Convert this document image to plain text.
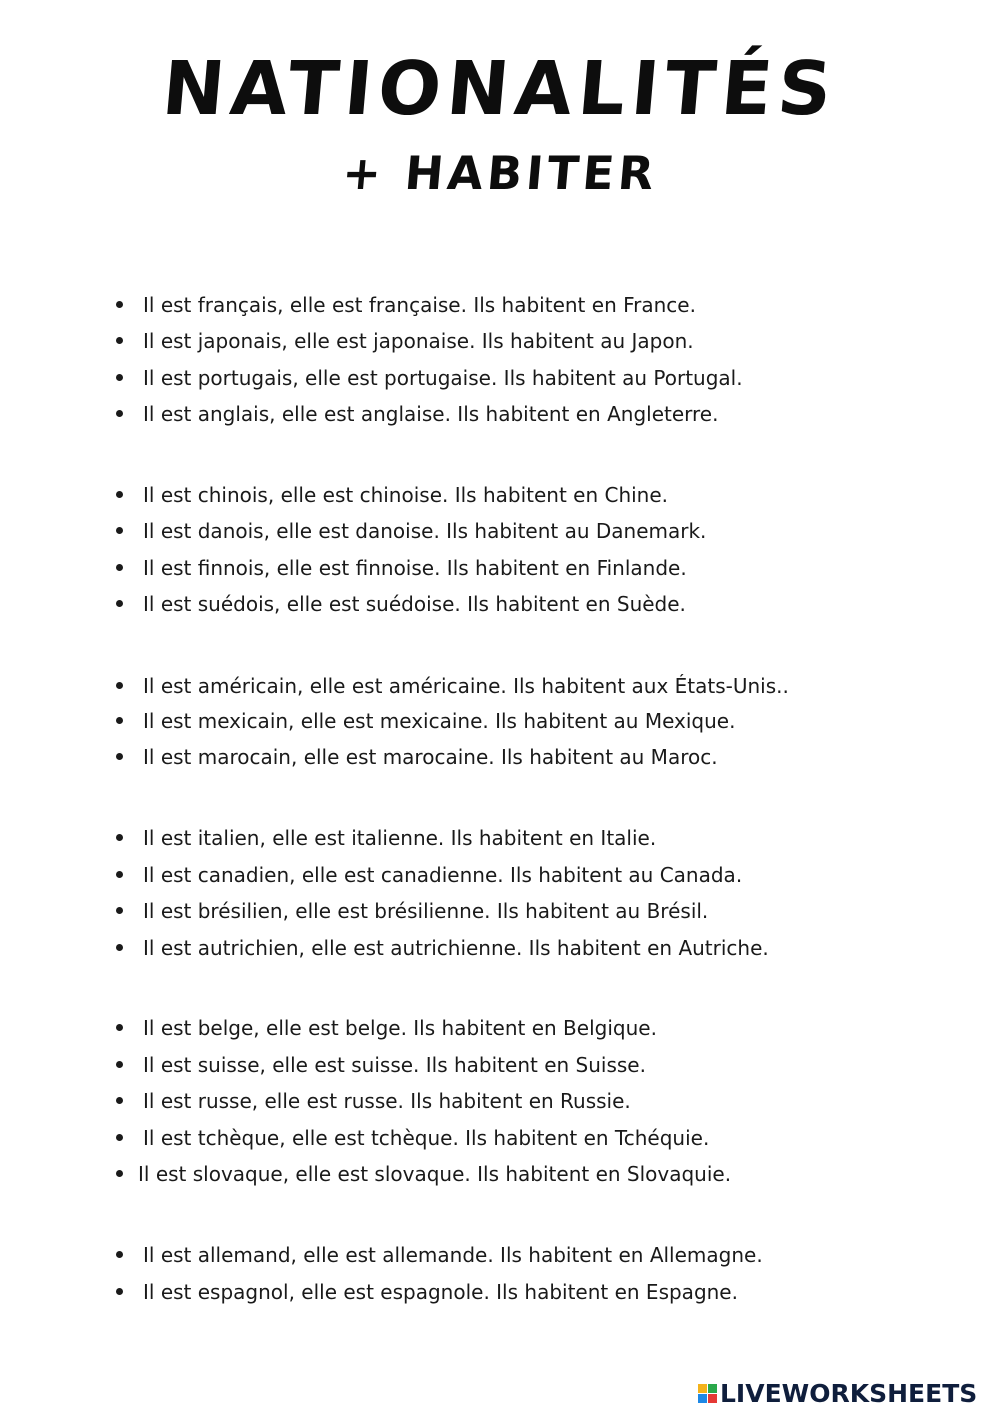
NATIONALITÉS
+ HABITER
Il est français, elle est française. Ils habitent en France.
Il est japonais, elle est japonaise. Ils habitent au Japon.
Il est portugais, elle est portugaise. Ils habitent au Portugal.
Il est anglais, elle est anglaise. Ils habitent en Angleterre.
Il est chinois, elle est chinoise. Ils habitent en Chine.
Il est danois, elle est danoise. Ils habitent au Danemark.
Il est finnois, elle est finnoise. Ils habitent en Finlande.
Il est suédois, elle est suédoise. Ils habitent en Suède.
Il est américain, elle est américaine. Ils habitent aux États-Unis..
Il est mexicain, elle est mexicaine. Ils habitent au Mexique.
Il est marocain, elle est marocaine. Ils habitent au Maroc.
Il est italien, elle est italienne. Ils habitent en Italie.
Il est canadien, elle est canadienne. Ils habitent au Canada.
Il est brésilien, elle est brésilienne. Ils habitent au Brésil.
Il est autrichien, elle est autrichienne. Ils habitent en Autriche.
Il est belge, elle est belge. Ils habitent en Belgique.
Il est suisse, elle est suisse. Ils habitent en Suisse.
Il est russe, elle est russe. Ils habitent en Russie.
Il est tchèque, elle est tchèque. Ils habitent en Tchéquie.
Il est slovaque, elle est slovaque. Ils habitent en Slovaquie.
Il est allemand, elle est allemande. Ils habitent en Allemagne.
Il est espagnol, elle est espagnole. Ils habitent en Espagne.
LIVEWORKSHEETS
